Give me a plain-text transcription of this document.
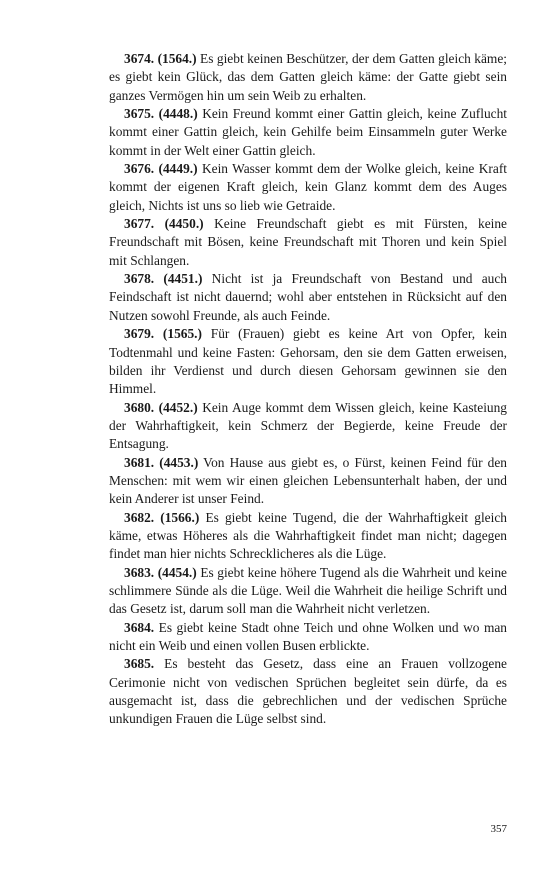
3674. (1564.) Es giebt keinen Beschützer, der dem Gatten gleich käme; es giebt kein Glück, das dem Gatten gleich käme: der Gatte giebt sein ganzes Vermögen hin um sein Weib zu erhalten.

3675. (4448.) Kein Freund kommt einer Gattin gleich, keine Zuflucht kommt einer Gattin gleich, kein Gehilfe beim Einsammeln guter Werke kommt in der Welt einer Gattin gleich.

3676. (4449.) Kein Wasser kommt dem der Wolke gleich, keine Kraft kommt der eigenen Kraft gleich, kein Glanz kommt dem des Auges gleich, Nichts ist uns so lieb wie Getraide.

3677. (4450.) Keine Freundschaft giebt es mit Fürsten, keine Freundschaft mit Bösen, keine Freundschaft mit Thoren und kein Spiel mit Schlangen.

3678. (4451.) Nicht ist ja Freundschaft von Bestand und auch Feindschaft ist nicht dauernd; wohl aber entstehen in Rücksicht auf den Nutzen sowohl Freunde, als auch Feinde.

3679. (1565.) Für (Frauen) giebt es keine Art von Opfer, kein Todtenmahl und keine Fasten: Gehorsam, den sie dem Gatten erweisen, bilden ihr Verdienst und durch diesen Gehorsam gewinnen sie den Himmel.

3680. (4452.) Kein Auge kommt dem Wissen gleich, keine Kasteiung der Wahrhaftigkeit, kein Schmerz der Begierde, keine Freude der Entsagung.

3681. (4453.) Von Hause aus giebt es, o Fürst, keinen Feind für den Menschen: mit wem wir einen gleichen Lebensunterhalt haben, der und kein Anderer ist unser Feind.

3682. (1566.) Es giebt keine Tugend, die der Wahrhaftigkeit gleich käme, etwas Höheres als die Wahrhaftigkeit findet man nicht; dagegen findet man hier nichts Schrecklicheres als die Lüge.

3683. (4454.) Es giebt keine höhere Tugend als die Wahrheit und keine schlimmere Sünde als die Lüge. Weil die Wahrheit die heilige Schrift und das Gesetz ist, darum soll man die Wahrheit nicht verletzen.

3684. Es giebt keine Stadt ohne Teich und ohne Wolken und wo man nicht ein Weib und einen vollen Busen erblickte.

3685. Es besteht das Gesetz, dass eine an Frauen vollzogene Cerimonie nicht von vedischen Sprüchen begleitet sein dürfe, da es ausgemacht ist, dass die gebrechlichen und der vedischen Sprüche unkundigen Frauen die Lüge selbst sind.

357
